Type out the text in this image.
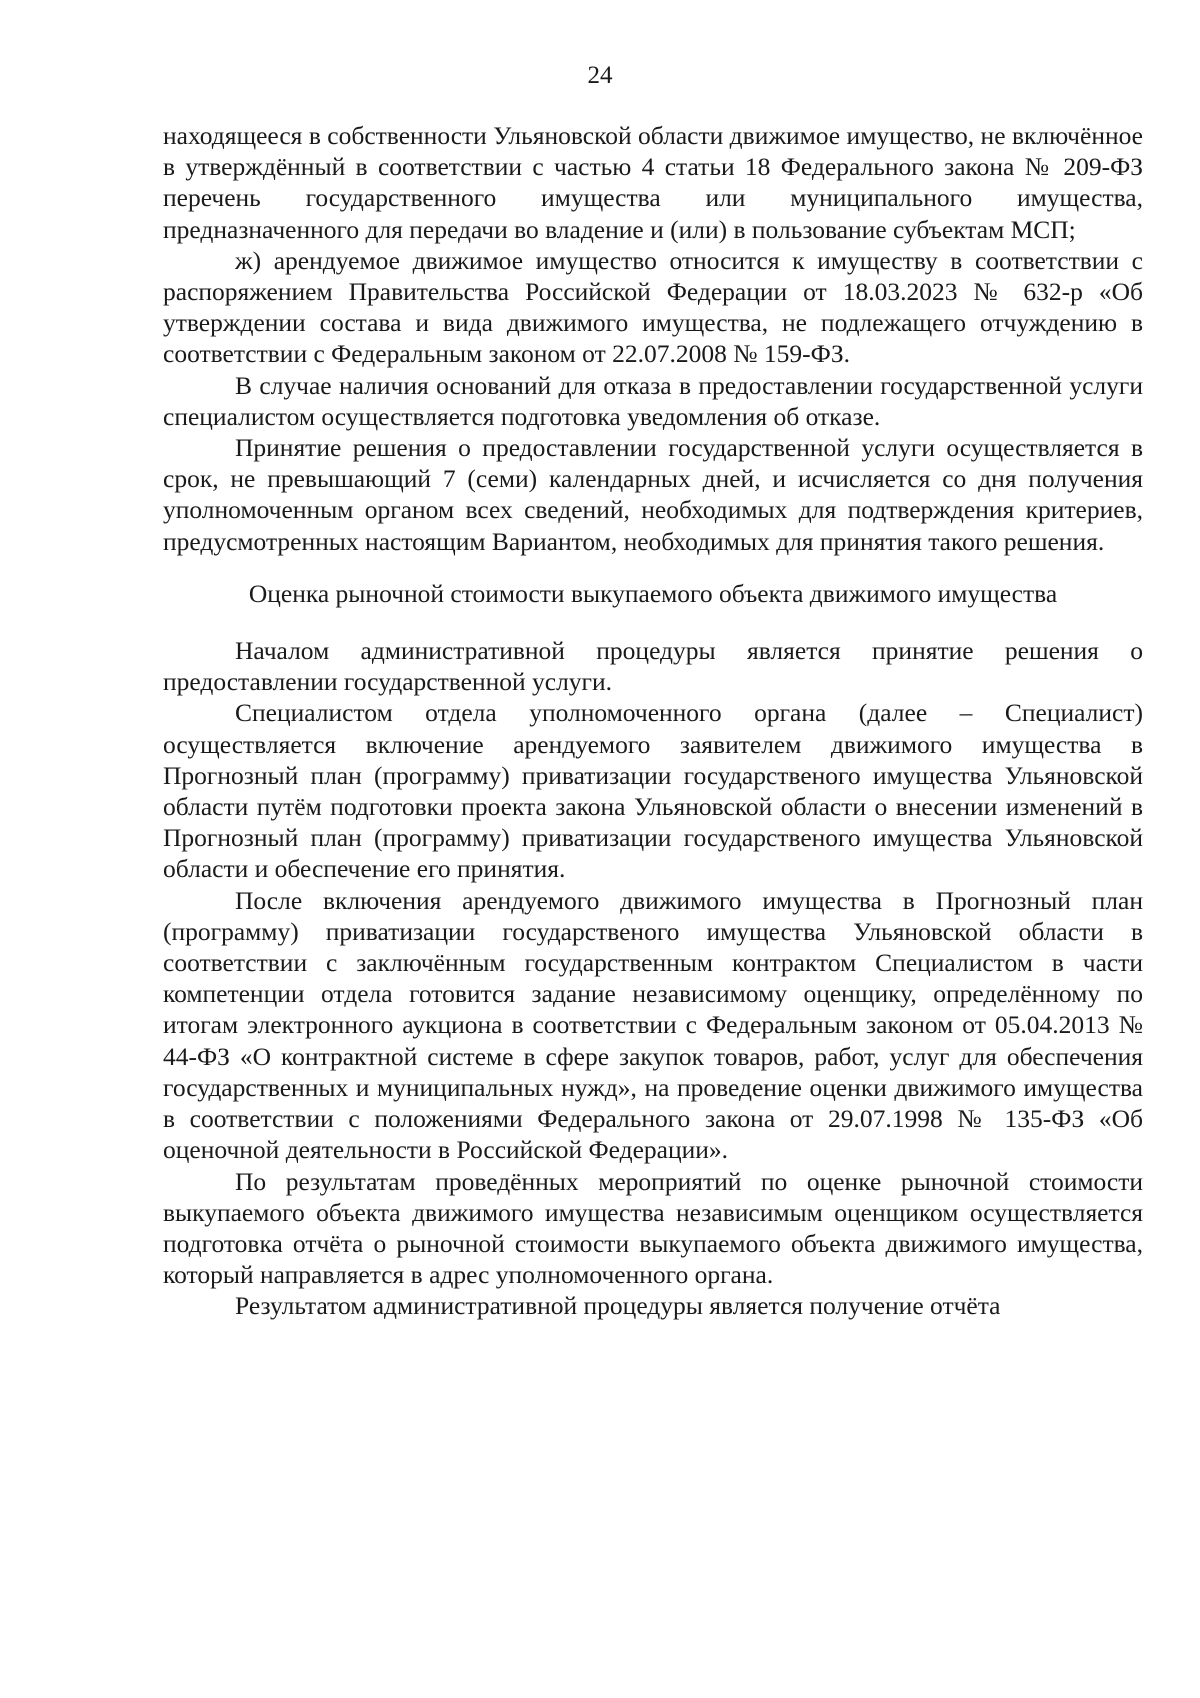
24

находящееся в собственности Ульяновской области движимое имущество, не включённое в утверждённый в соответствии с частью 4 статьи 18 Федерального закона № 209-ФЗ перечень государственного имущества или муниципального имущества, предназначенного для передачи во владение и (или) в пользование субъектам МСП;

ж) арендуемое движимое имущество относится к имуществу в соответствии с распоряжением Правительства Российской Федерации от 18.03.2023 № 632-р «Об утверждении состава и вида движимого имущества, не подлежащего отчуждению в соответствии с Федеральным законом от 22.07.2008 № 159-ФЗ.

В случае наличия оснований для отказа в предоставлении государственной услуги специалистом осуществляется подготовка уведомления об отказе.

Принятие решения о предоставлении государственной услуги осуществляется в срок, не превышающий 7 (семи) календарных дней, и исчисляется со дня получения уполномоченным органом всех сведений, необходимых для подтверждения критериев, предусмотренных настоящим Вариантом, необходимых для принятия такого решения.

Оценка рыночной стоимости выкупаемого объекта движимого имущества

Началом административной процедуры является принятие решения о предоставлении государственной услуги.

Специалистом отдела уполномоченного органа (далее – Специалист) осуществляется включение арендуемого заявителем движимого имущества в Прогнозный план (программу) приватизации государственого имущества Ульяновской области путём подготовки проекта закона Ульяновской области о внесении изменений в Прогнозный план (программу) приватизации государственого имущества Ульяновской области и обеспечение его принятия.

После включения арендуемого движимого имущества в Прогнозный план (программу) приватизации государственого имущества Ульяновской области в соответствии с заключённым государственным контрактом Специалистом в части компетенции отдела готовится задание независимому оценщику, определённому по итогам электронного аукциона в соответствии с Федеральным законом от 05.04.2013 № 44-ФЗ «О контрактной системе в сфере закупок товаров, работ, услуг для обеспечения государственных и муниципальных нужд», на проведение оценки движимого имущества в соответствии с положениями Федерального закона от 29.07.1998 № 135-ФЗ «Об оценочной деятельности в Российской Федерации».

По результатам проведённых мероприятий по оценке рыночной стоимости выкупаемого объекта движимого имущества независимым оценщиком осуществляется подготовка отчёта о рыночной стоимости выкупаемого объекта движимого имущества, который направляется в адрес уполномоченного органа.

Результатом административной процедуры является получение отчёта
